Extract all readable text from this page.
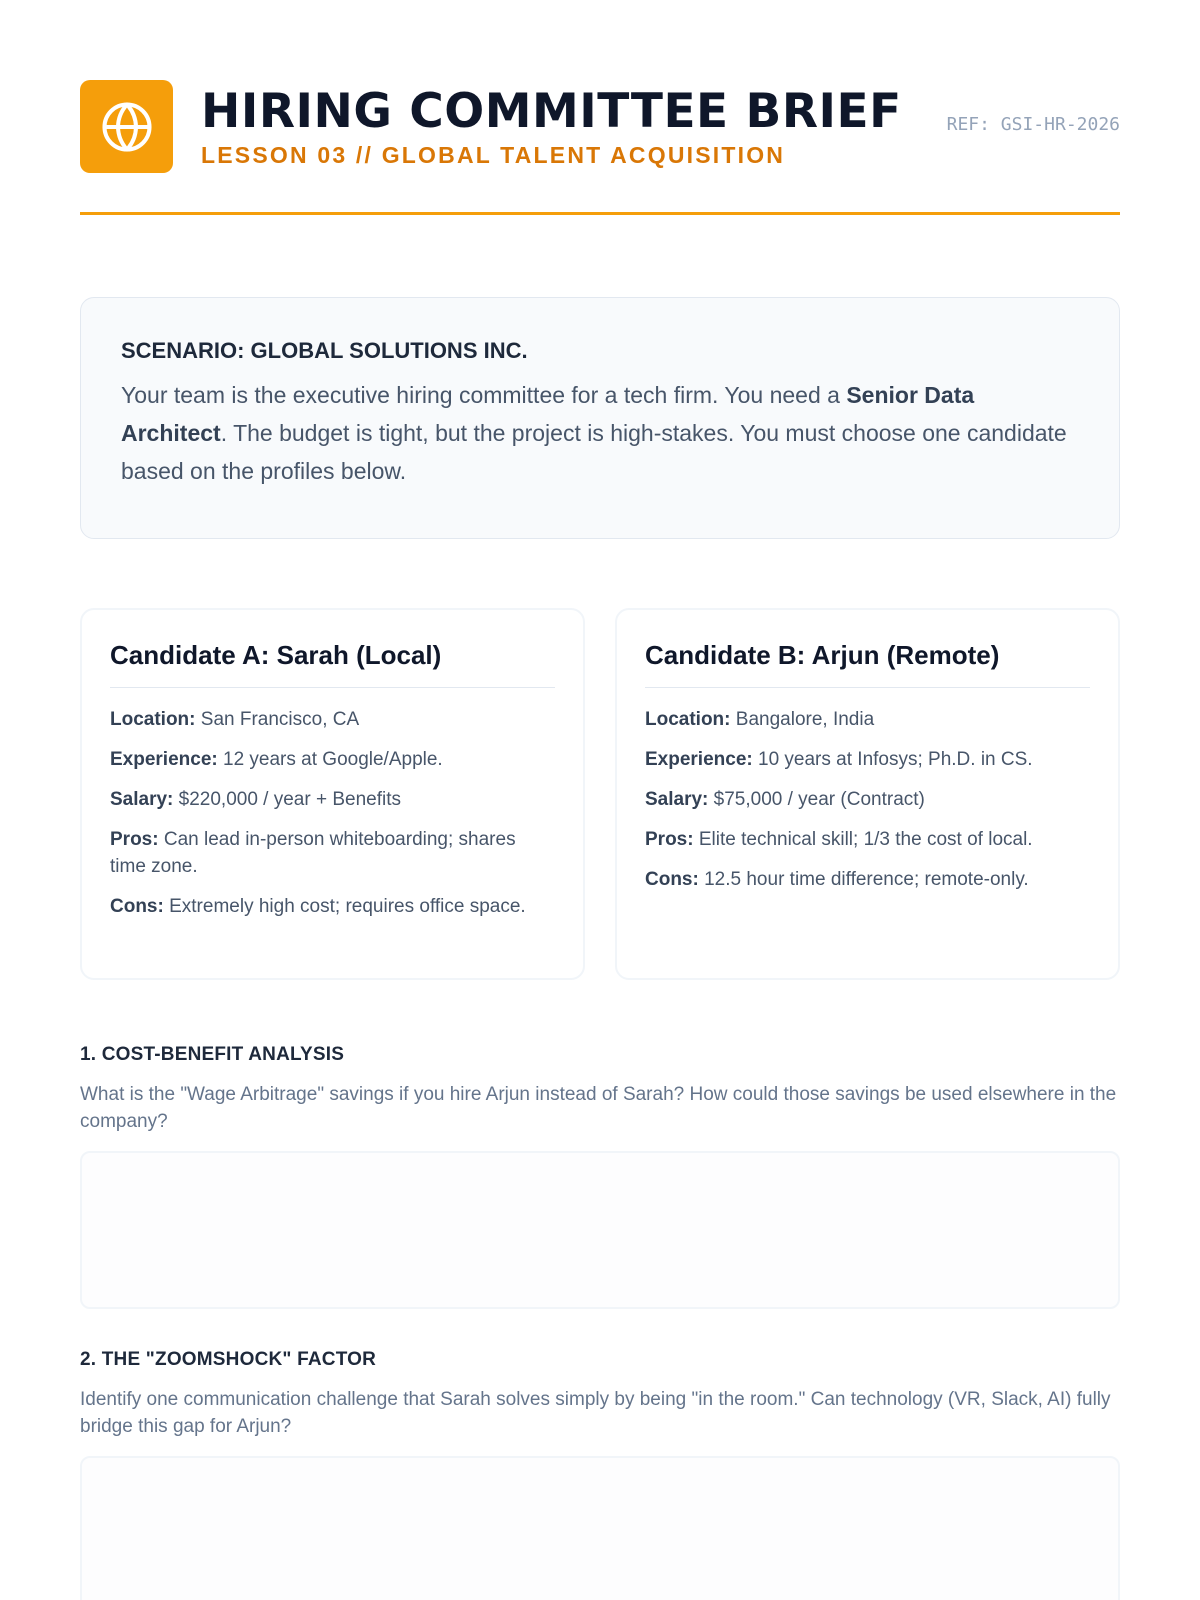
HIRING COMMITTEE BRIEF
LESSON 03 // GLOBAL TALENT ACQUISITION
REF: GSI-HR-2026
SCENARIO: GLOBAL SOLUTIONS INC.

Your team is the executive hiring committee for a tech firm. You need a Senior Data Architect. The budget is tight, but the project is high-stakes. You must choose one candidate based on the profiles below.

Candidate A: Sarah (Local)
Location: San Francisco, CA
Experience: 12 years at Google/Apple.
Salary: $220,000 / year + Benefits
Pros: Can lead in-person whiteboarding; shares time zone.
Cons: Extremely high cost; requires office space.
Candidate B: Arjun (Remote)
Location: Bangalore, India
Experience: 10 years at Infosys; Ph.D. in CS.
Salary: $75,000 / year (Contract)
Pros: Elite technical skill; 1/3 the cost of local.
Cons: 12.5 hour time difference; remote-only.
1. COST-BENEFIT ANALYSIS

What is the "Wage Arbitrage" savings if you hire Arjun instead of Sarah? How could those savings be used elsewhere in the company?

2. THE "ZOOMSHOCK" FACTOR

Identify one communication challenge that Sarah solves simply by being "in the room." Can technology (VR, Slack, AI) fully bridge this gap for Arjun?
